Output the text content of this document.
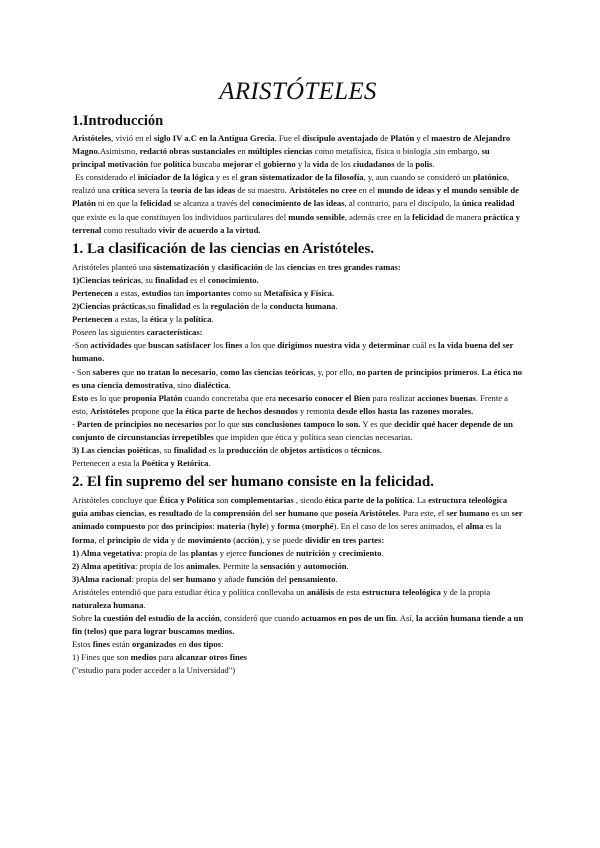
ARISTÓTELES
1.Introducción

Aristóteles, vivió en el siglo IV a.C en la Antigua Grecia. Fue el discípulo aventajado de Platón y el maestro de Alejandro Magno.Asimismo, redactó obras sustanciales en múltiples ciencias como metafísica, física o biología ,sin embargo, su principal motivación fue política buscaba mejorar el gobierno y la vida de los ciudadanos de la polis.

Es considerado el iniciador de la lógica y es el gran sistematizador de la filosofía, y, aun cuando se consideró un platónico, realizó una crítica severa la teoría de las ideas de su maestro. Aristóteles no cree en el mundo de ideas y el mundo sensible de Platón ni en que la felicidad se alcanza a través del conocimiento de las ideas, al contrario, para el discípulo, la única realidad que existe es la que constituyen los individuos particulares del mundo sensible, además cree en la felicidad de manera práctica y terrenal como resultado vivir de acuerdo a la virtud.

1. La clasificación de las ciencias en Aristóteles.

Aristóteles planteó una sistematización y clasificación de las ciencias en tres grandes ramas:

1)Ciencias teóricas, su finalidad es el conocimiento.

Pertenecen a estas, estudios tan importantes como su Metafísica y Física.

2)Ciencias prácticas,su finalidad es la regulación de la conducta humana.

Pertenecen a estas, la ética y la política.

Poseen las siguientes características:

-Son actividades que buscan satisfacer los fines a los que dirigimos nuestra vida y determinar cuál es la vida buena del ser humano.

- Son saberes que no tratan lo necesario, como las ciencias teóricas, y, por ello, no parten de principios primeros. La ética no es una ciencia demostrativa, sino dialéctica.

Esto es lo que proponía Platón cuando concretaba que era necesario conocer el Bien para realizar acciones buenas. Frente a esto, Aristóteles propone que la ética parte de hechos desnudos y remonta desde ellos hasta las razones morales.

- Parten de principios no necesarios por lo que sus conclusiones tampoco lo son. Y es que decidir qué hacer depende de un conjunto de circunstancias irrepetibles que impiden que ética y política sean ciencias necesarias.

3) Las ciencias poiéticas, su finalidad es la producción de objetos artísticos o técnicos.

Pertenecen a esta la Poética y Retórica.

2. El fin supremo del ser humano consiste en la felicidad.

Aristóteles concluye que Ética y Política son complementarias , siendo ética parte de la política. La estructura teleológica guía ambas ciencias, es resultado de la comprensión del ser humano que poseía Aristóteles. Para este, el ser humano es un ser animado compuesto por dos principios: materia (hyle) y forma (morphé). En el caso de los seres animados, el alma es la forma, el principio de vida y de movimiento (acción), y se puede dividir en tres partes:

1) Alma vegetativa: propia de las plantas y ejerce funciones de nutrición y crecimiento.

2) Alma apetitiva: propia de los animales. Permite la sensación y automoción.

3)Alma racional: propia del ser humano y añade función del pensamiento.

Aristóteles entendió que para estudiar ética y política conllevaba un análisis de esta estructura teleológica y de la propia naturaleza humana.

Sobre la cuestión del estudio de la acción, consideró que cuando actuamos en pos de un fin. Así, la acción humana tiende a un fin (telos) que para lograr buscamos medios.

Estos fines están organizados en dos tipos:

1) Fines que son medios para alcanzar otros fines

("estudio para poder acceder a la Universidad")
